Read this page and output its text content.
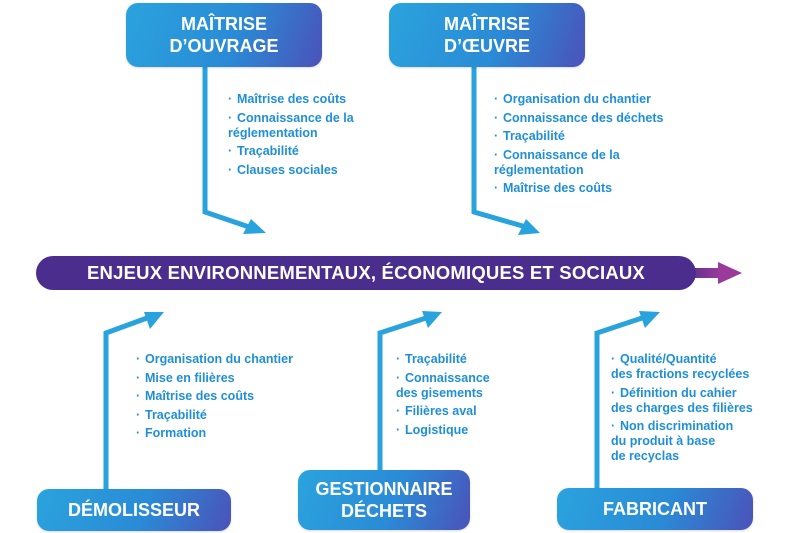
MAÎTRISE
D’OUVRAGE
MAÎTRISE
D’ŒUVRE
DÉMOLISSEUR
GESTIONNAIRE
DÉCHETS	FABRICANT
· Maîtrise des coûts
· Connaissance de la
réglementation
· Traçabilité
· Clauses sociales
· Organisation du chantier
· Connaissance des déchets
· Traçabilité
· Connaissance de la
réglementation
· Maîtrise des coûts
· Organisation du chantier
· Mise en filières
· Maîtrise des coûts
· Traçabilité
· Formation
· Traçabilité
· Connaissance
des gisements
· Filières aval
· Logistique
· Qualité/Quantité
des fractions recyclées
· Définition du cahier
des charges des filières
· Non discrimination
du produit à base
de recyclas
ENJEUX ENVIRONNEMENTAUX, ÉCONOMIQUES ET SOCIAUX
